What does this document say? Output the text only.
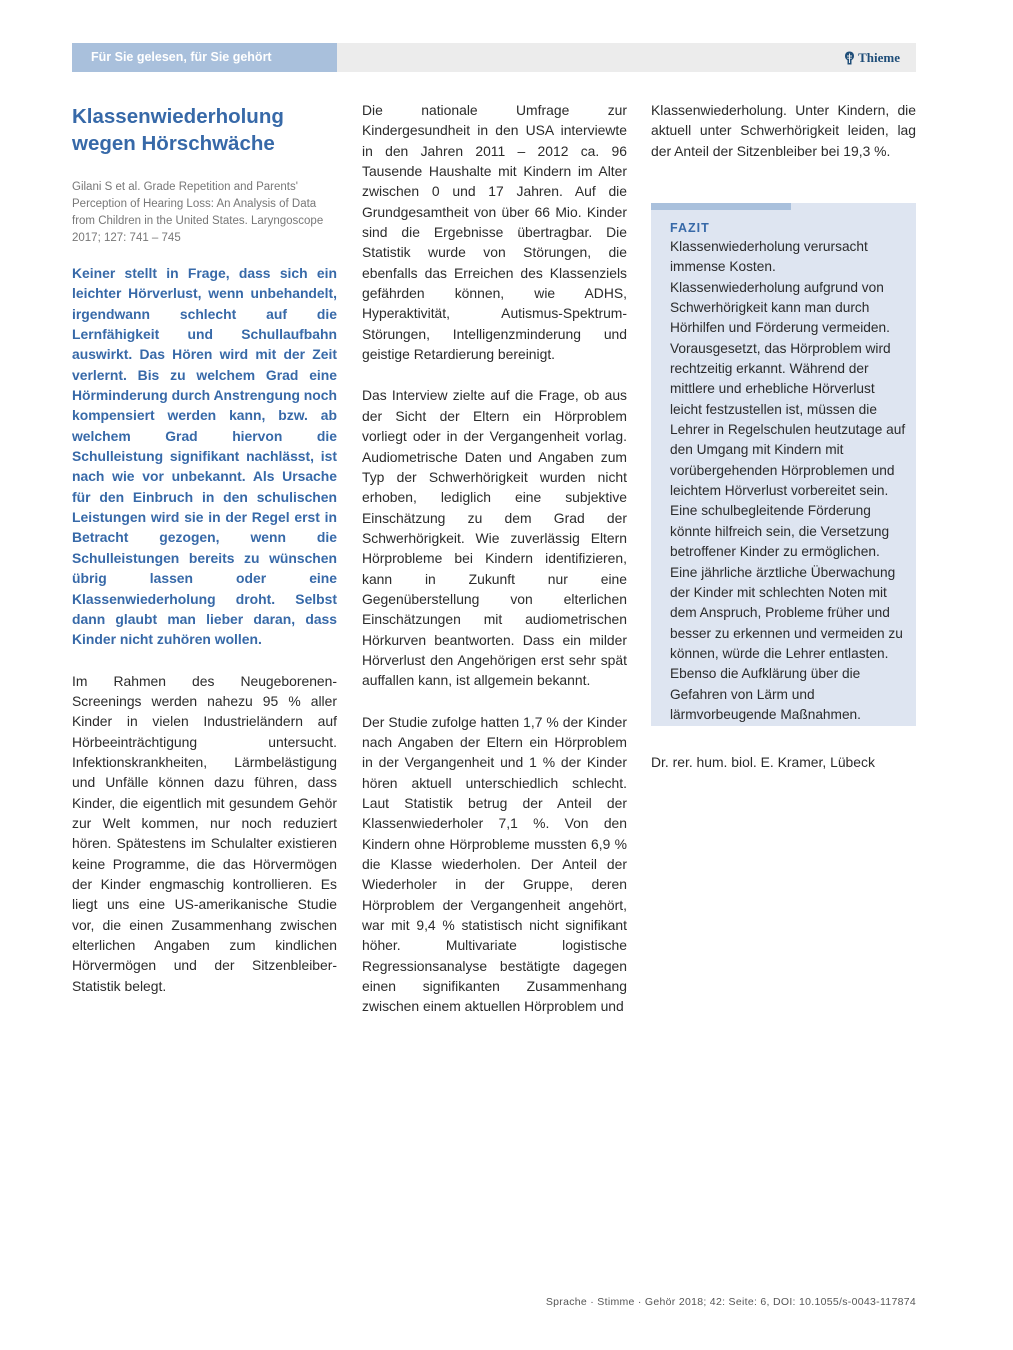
Für Sie gelesen, für Sie gehört	Thieme
Klassenwiederholung wegen Hörschwäche

Gilani S et al. Grade Repetition and Parents' Perception of Hearing Loss: An Analysis of Data from Children in the United States. Laryngoscope 2017; 127: 741 – 745

Keiner stellt in Frage, dass sich ein leichter Hörverlust, wenn unbehandelt, irgendwann schlecht auf die Lernfähigkeit und Schullaufbahn auswirkt. Das Hören wird mit der Zeit verlernt. Bis zu welchem Grad eine Hörminderung durch Anstrengung noch kompensiert werden kann, bzw. ab welchem Grad hiervon die Schulleistung signifikant nachlässt, ist nach wie vor unbekannt. Als Ursache für den Einbruch in den schulischen Leistungen wird sie in der Regel erst in Betracht gezogen, wenn die Schulleistungen bereits zu wünschen übrig lassen oder eine Klassenwiederholung droht. Selbst dann glaubt man lieber daran, dass Kinder nicht zuhören wollen.

Im Rahmen des Neugeborenen-Screenings werden nahezu 95 % aller Kinder in vielen Industrieländern auf Hörbeeinträchtigung untersucht. Infektionskrankheiten, Lärmbelästigung und Unfälle können dazu führen, dass Kinder, die eigentlich mit gesundem Gehör zur Welt kommen, nur noch reduziert hören. Spätestens im Schulalter existieren keine Programme, die das Hörvermögen der Kinder engmaschig kontrollieren. Es liegt uns eine US-amerikanische Studie vor, die einen Zusammenhang zwischen elterlichen Angaben zum kindlichen Hörvermögen und der Sitzenbleiber-Statistik belegt.

Die nationale Umfrage zur Kindergesundheit in den USA interviewte in den Jahren 2011 – 2012 ca. 96 Tausende Haushalte mit Kindern im Alter zwischen 0 und 17 Jahren. Auf die Grundgesamtheit von über 66 Mio. Kinder sind die Ergebnisse übertragbar. Die Statistik wurde von Störungen, die ebenfalls das Erreichen des Klassenziels gefährden können, wie ADHS, Hyperaktivität, Autismus-Spektrum-Störungen, Intelligenzminderung und geistige Retardierung bereinigt.

Das Interview zielte auf die Frage, ob aus der Sicht der Eltern ein Hörproblem vorliegt oder in der Vergangenheit vorlag. Audiometrische Daten und Angaben zum Typ der Schwerhörigkeit wurden nicht erhoben, lediglich eine subjektive Einschätzung zu dem Grad der Schwerhörigkeit. Wie zuverlässig Eltern Hörprobleme bei Kindern identifizieren, kann in Zukunft nur eine Gegenüberstellung von elterlichen Einschätzungen mit audiometrischen Hörkurven beantworten. Dass ein milder Hörverlust den Angehörigen erst sehr spät auffallen kann, ist allgemein bekannt.

Der Studie zufolge hatten 1,7 % der Kinder nach Angaben der Eltern ein Hörproblem in der Vergangenheit und 1 % der Kinder hören aktuell unterschiedlich schlecht. Laut Statistik betrug der Anteil der Klassenwiederholer 7,1 %. Von den Kindern ohne Hörprobleme mussten 6,9 % die Klasse wiederholen. Der Anteil der Wiederholer in der Gruppe, deren Hörproblem der Vergangenheit angehört, war mit 9,4 % statistisch nicht signifikant höher. Multivariate logistische Regressionsanalyse bestätigte dagegen einen signifikanten Zusammenhang zwischen einem aktuellen Hörproblem und

FAZIT

Klassenwiederholung verursacht immense Kosten. Klassenwiederholung aufgrund von Schwerhörigkeit kann man durch Hörhilfen und Förderung vermeiden. Vorausgesetzt, das Hörproblem wird rechtzeitig erkannt. Während der mittlere und erhebliche Hörverlust leicht festzustellen ist, müssen die Lehrer in Regelschulen heutzutage auf den Umgang mit Kindern mit vorübergehenden Hörproblemen und leichtem Hörverlust vorbereitet sein. Eine schulbegleitende Förderung könnte hilfreich sein, die Versetzung betroffener Kinder zu ermöglichen. Eine jährliche ärztliche Überwachung der Kinder mit schlechten Noten mit dem Anspruch, Probleme früher und besser zu erkennen und vermeiden zu können, würde die Lehrer entlasten. Ebenso die Aufklärung über die Gefahren von Lärm und lärmvorbeugende Maßnahmen.

Dr. rer. hum. biol. E. Kramer, Lübeck

Sprache · Stimme · Gehör 2018; 42: Seite: 6, DOI: 10.1055/s-0043-117874

Klassenwiederholung. Unter Kindern, die aktuell unter Schwerhörigkeit leiden, lag der Anteil der Sitzenbleiber bei 19,3 %.
